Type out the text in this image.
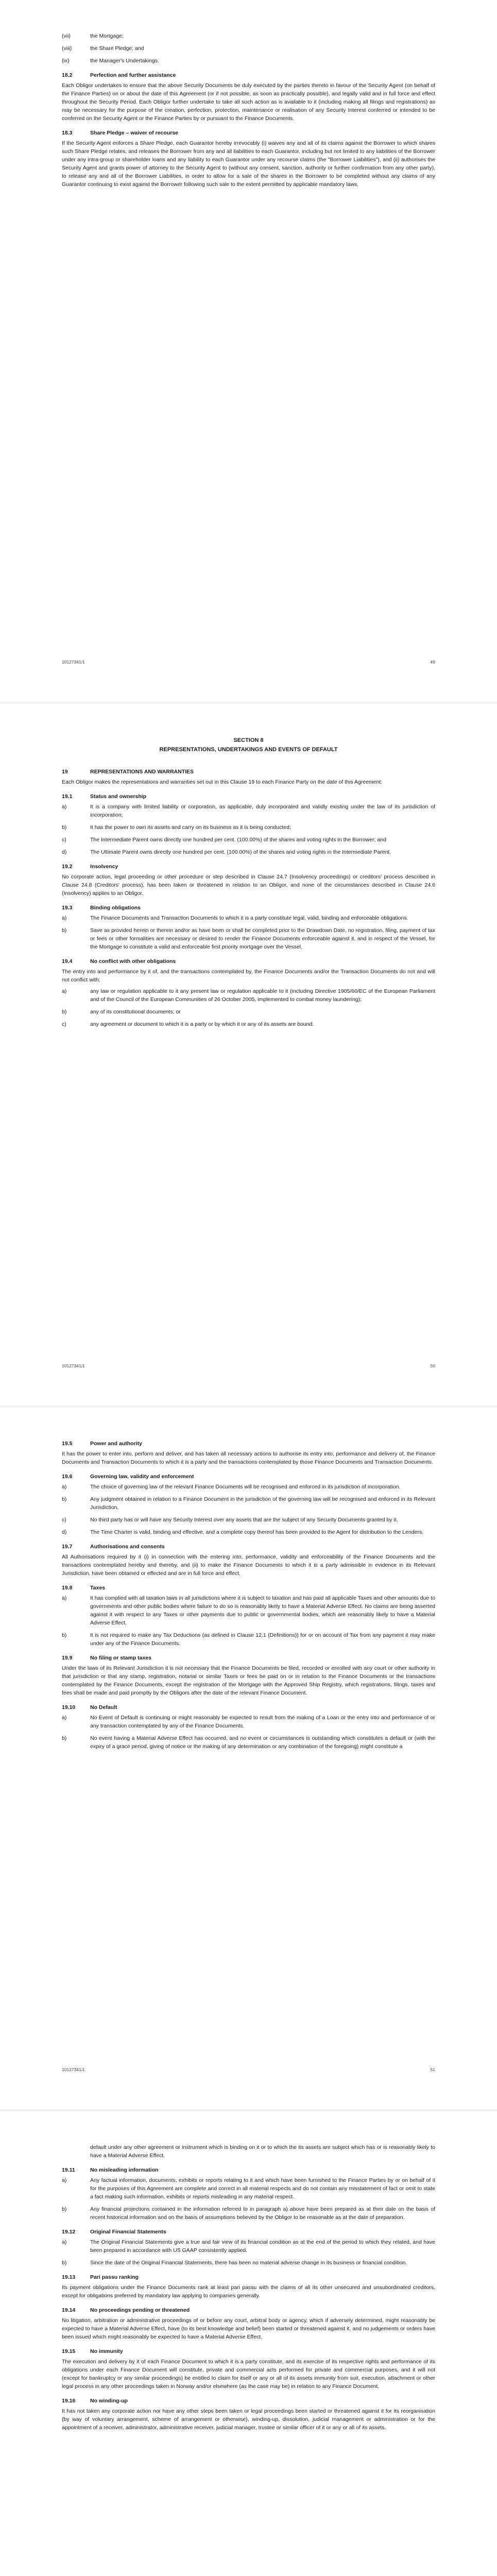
(vii)	the Mortgage;
(viii)	the Share Pledge; and
(ix)	the Manager's Undertakings.
18.2	Perfection and further assistance
Each Obligor undertakes to ensure that the above Security Documents be duly executed by the parties thereto in favour of the Security Agent (on behalf of the Finance Parties) on or about the date of this Agreement (or if not possible, as soon as practically possible), and legally valid and in full force and effect throughout the Security Period. Each Obligor further undertake to take all such action as is available to it (including making all filings and registrations) as may be necessary for the purpose of the creation, perfection, protection, maintenance or realisation of any Security Interest conferred or intended to be conferred on the Security Agent or the Finance Parties by or pursuant to the Finance Documents.
18.3	Share Pledge – waiver of recourse
If the Security Agent enforces a Share Pledge, each Guarantor hereby irrevocably (i) waives any and all of its claims against the Borrower to which shares such Share Pledge relates, and releases the Borrower from any and all liabilities to each Guarantor, including but not limited to any liabilities of the Borrower under any intra-group or shareholder loans and any liability to each Guarantor under any recourse claims (the "Borrower Liabilities"), and (ii) authorises the Security Agent and grants power of attorney to the Security Agent to (without any consent, sanction, authority or further confirmation from any other party), to release any and all of the Borrower Liabilities, in order to allow for a sale of the shares in the Borrower to be completed without any claims of any Guarantor continuing to exist against the Borrower following such sale to the extent permitted by applicable mandatory laws.
10127341/1	49
SECTION 8
REPRESENTATIONS, UNDERTAKINGS AND EVENTS OF DEFAULT
19	REPRESENTATIONS AND WARRANTIES
Each Obligor makes the representations and warranties set out in this Clause 19 to each Finance Party on the date of this Agreement:
19.1	Status and ownership
a)	It is a company with limited liability or corporation, as applicable, duly incorporated and validly existing under the law of its jurisdiction of incorporation;
b)	It has the power to own its assets and carry on its business as it is being conducted;
c)	The Intermediate Parent owns directly one hundred per cent. (100.00%) of the shares and voting rights in the Borrower; and
d)	The Ultimate Parent owns directly one hundred per cent. (100.00%) of the shares and voting rights in the Intermediate Parent.
19.2	Insolvency
No corporate action, legal proceeding or other procedure or step described in Clause 24.7 (Insolvency proceedings) or creditors' process described in Clause 24.8 (Creditors' process), has been taken or threatened in relation to an Obligor, and none of the circumstances described in Clause 24.6 (Insolvency) applies to an Obligor.
19.3	Binding obligations
a)	The Finance Documents and Transaction Documents to which it is a party constitute legal, valid, binding and enforceable obligations.
b)	Save as provided herein or therein and/or as have been or shall be completed prior to the Drawdown Date, no registration, filing, payment of tax or fees or other formalities are necessary or desired to render the Finance Documents enforceable against it, and in respect of the Vessel, for the Mortgage to constitute a valid and enforceable first priority mortgage over the Vessel.
19.4	No conflict with other obligations
The entry into and performance by it of, and the transactions contemplated by, the Finance Documents and/or the Transaction Documents do not and will not conflict with:
a)	any law or regulation applicable to it any present law or regulation applicable to it (including Directive 1905/60/EC of the European Parliament and of the Council of the European Communities of 26 October 2005, implemented to combat money laundering);
b)	any of its constitutional documents; or
c)	any agreement or document to which it is a party or by which it or any of its assets are bound.
10127341/1	50
19.5	Power and authority
It has the power to enter into, perform and deliver, and has taken all necessary actions to authorise its entry into, performance and delivery of, the Finance Documents and Transaction Documents to which it is a party and the transactions contemplated by those Finance Documents and Transaction Documents.
19.6	Governing law, validity and enforcement
a)	The choice of governing law of the relevant Finance Documents will be recognised and enforced in its jurisdiction of incorporation.
b)	Any judgment obtained in relation to a Finance Document in the jurisdiction of the governing law will be recognised and enforced in its Relevant Jurisdiction.
c)	No third party has or will have any Security Interest over any assets that are the subject of any Security Documents granted by it.
d)	The Time Charter is valid, binding and effective, and a complete copy thereof has been provided to the Agent for distribution to the Lenders.
19.7	Authorisations and consents
All Authorisations required by it (i) in connection with the entering into, performance, validity and enforceability of the Finance Documents and the transactions contemplated hereby and thereby, and (ii) to make the Finance Documents to which it is a party admissible in evidence in its Relevant Jurisdiction, have been obtained or effected and are in full force and effect.
19.8	Taxes
a)	It has complied with all taxation laws in all jurisdictions where it is subject to taxation and has paid all applicable Taxes and other amounts due to governments and other public bodies where failure to do so is reasonably likely to have a Material Adverse Effect. No claims are being asserted against it with respect to any Taxes or other payments due to public or governmental bodies, which are reasonably likely to have a Material Adverse Effect.
b)	It is not required to make any Tax Deductions (as defined in Clause 12.1 (Definitions)) for or on account of Tax from any payment it may make under any of the Finance Documents.
19.9	No filing or stamp taxes
Under the laws of its Relevant Jurisdiction it is not necessary that the Finance Documents be filed, recorded or enrolled with any court or other authority in that jurisdiction or that any stamp, registration, notarial or similar Taxes or fees be paid on or in relation to the Finance Documents or the transactions contemplated by the Finance Documents, except the registration of the Mortgage with the Approved Ship Registry, which registrations, filings, taxes and fees shall be made and paid promptly by the Obligors after the date of the relevant Finance Document.
19.10	No Default
a)	No Event of Default is continuing or might reasonably be expected to result from the making of a Loan or the entry into and performance of or any transaction contemplated by any of the Finance Documents.
b)	No event having a Material Adverse Effect has occurred, and no event or circumstances is outstanding which constitutes a default or (with the expiry of a grace period, giving of notice or the making of any determination or any combination of the foregoing) might constitute a
10127341/1	51
default under any other agreement or instrument which is binding on it or to which the its assets are subject which has or is reasonably likely to have a Material Adverse Effect.
19.11	No misleading information
a)	Any factual information, documents, exhibits or reports relating to it and which have been furnished to the Finance Parties by or on behalf of it for the purposes of this Agreement are complete and correct in all material respects and do not contain any misstatement of fact or omit to state a fact making such information, exhibits or reports misleading in any material respect.
b)	Any financial projections contained in the information referred to in paragraph a) above have been prepared as at their date on the basis of recent historical information and on the basis of assumptions believed by the Obligor to be reasonable as at the date of preparation.
19.12	Original Financial Statements
a)	The Original Financial Statements give a true and fair view of its financial condition as at the end of the period to which they related, and have been prepared in accordance with US GAAP consistently applied.
b)	Since the date of the Original Financial Statements, there has been no material adverse change in its business or financial condition.
19.13	Pari passu ranking
Its payment obligations under the Finance Documents rank at least pari passu with the claims of all its other unsecured and unsubordinated creditors, except for obligations preferred by mandatory law applying to companies generally.
19.14	No proceedings pending or threatened
No litigation, arbitration or administrative proceedings of or before any court, arbitral body or agency, which if adversely determined, might reasonably be expected to have a Material Adverse Effect, have (to its best knowledge and belief) been started or threatened against it, and no judgements or orders have been issued which might reasonably be expected to have a Material Adverse Effect.
19.15	No immunity
The execution and delivery by it of each Finance Document to which it is a party constitute, and its exercise of its respective rights and performance of its obligations under each Finance Document will constitute, private and commercial acts performed for private and commercial purposes, and it will not (except for bankruptcy or any similar proceedings) be entitled to claim for itself or any or all of its assets immunity from suit, execution, attachment or other legal process in any other proceedings taken in Norway and/or elsewhere (as the case may be) in relation to any Finance Document.
19.16	No winding-up
It has not taken any corporate action nor have any other steps been taken or legal proceedings been started or threatened against it for its reorganisation (by way of voluntary arrangement, scheme of arrangement or otherwise), winding-up, dissolution, judicial management or administration or for the appointment of a receiver, administrator, administrative receiver, judicial manager, trustee or similar officer of it or any or all of its assets.
